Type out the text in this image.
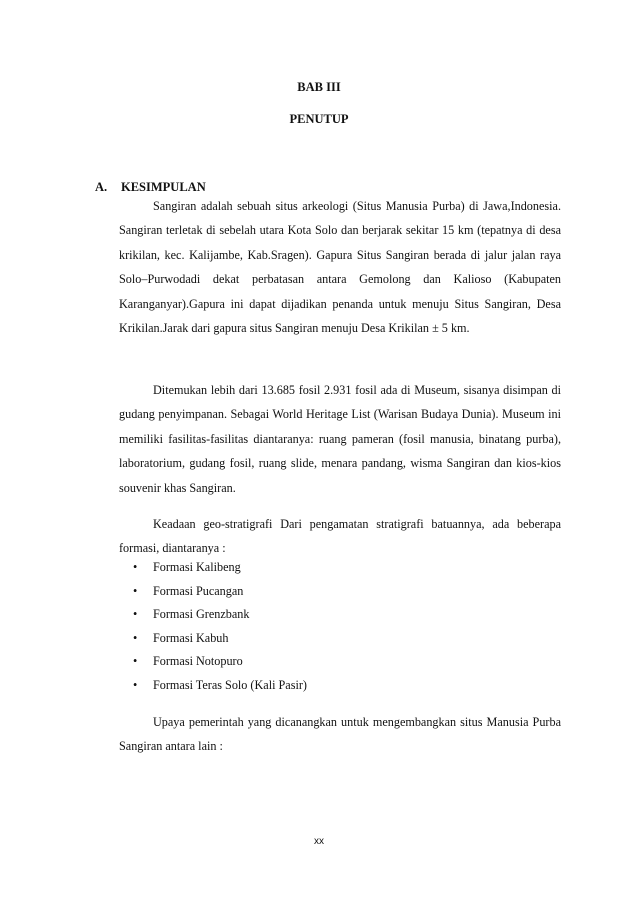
BAB III
PENUTUP
A. KESIMPULAN

Sangiran adalah sebuah situs arkeologi (Situs Manusia Purba) di Jawa,Indonesia. Sangiran terletak di sebelah utara Kota Solo dan berjarak sekitar 15 km (tepatnya di desa krikilan, kec. Kalijambe, Kab.Sragen). Gapura Situs Sangiran berada di jalur jalan raya Solo–Purwodadi dekat perbatasan antara Gemolong dan Kalioso (Kabupaten Karanganyar).Gapura ini dapat dijadikan penanda untuk menuju Situs Sangiran, Desa Krikilan.Jarak dari gapura situs Sangiran menuju Desa Krikilan ± 5 km.

Ditemukan lebih dari 13.685 fosil 2.931 fosil ada di Museum, sisanya disimpan di gudang penyimpanan. Sebagai World Heritage List (Warisan Budaya Dunia). Museum ini memiliki fasilitas-fasilitas diantaranya: ruang pameran (fosil manusia, binatang purba), laboratorium, gudang fosil, ruang slide, menara pandang, wisma Sangiran dan kios-kios souvenir khas Sangiran.

Keadaan geo-stratigrafi Dari pengamatan stratigrafi batuannya, ada beberapa formasi, diantaranya :

• Formasi Kalibeng
• Formasi Pucangan
• Formasi Grenzbank
• Formasi Kabuh
• Formasi Notopuro
• Formasi Teras Solo (Kali Pasir)

Upaya pemerintah yang dicanangkan untuk mengembangkan situs Manusia Purba Sangiran antara lain :

xx
